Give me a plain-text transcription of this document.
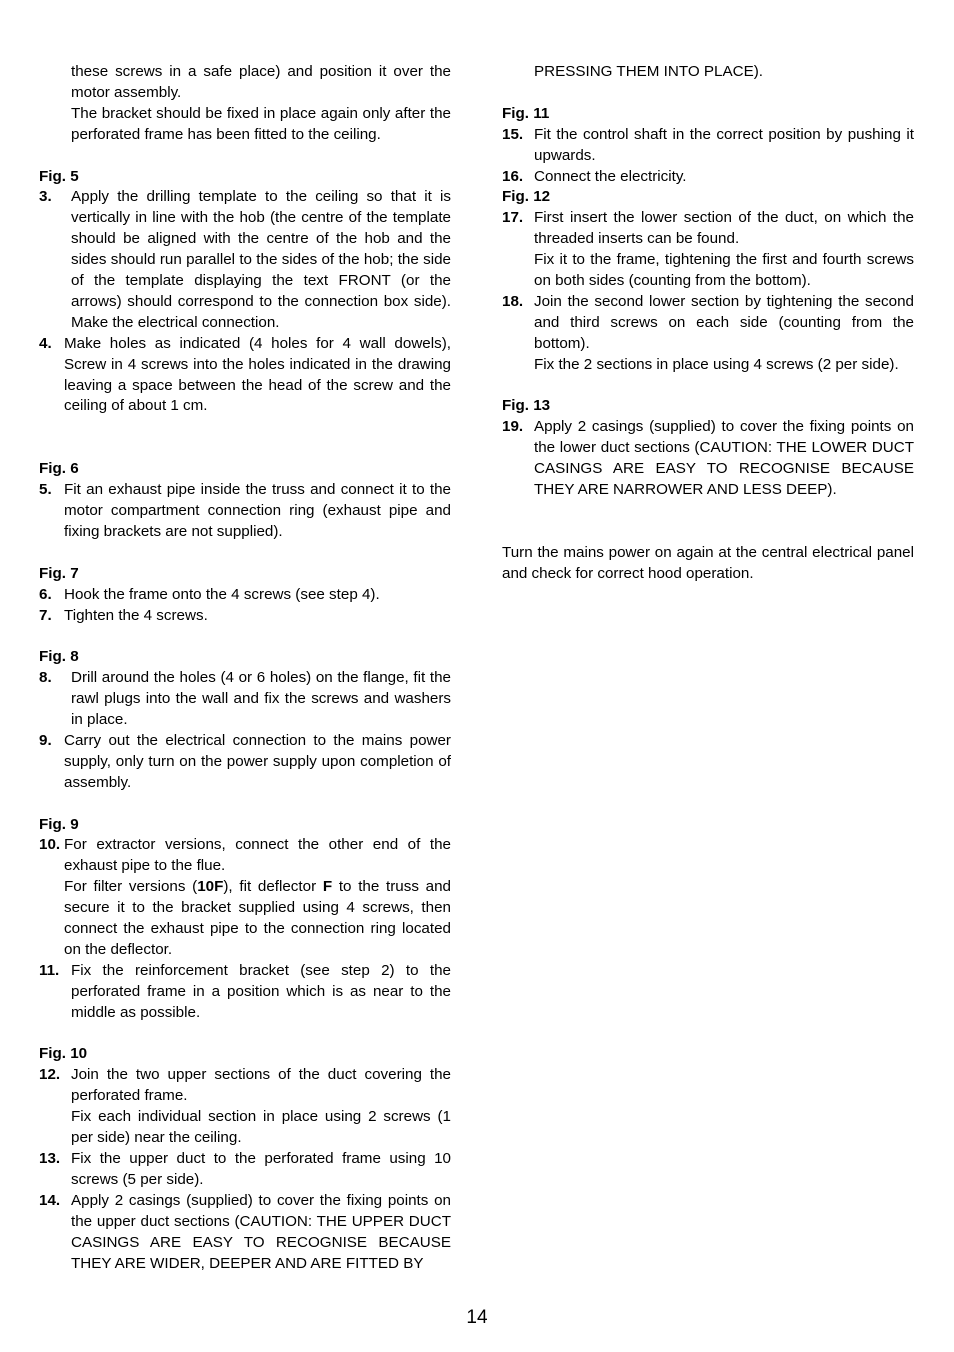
these screws in a safe place) and position it over the motor assembly.

The bracket should be fixed in place again only after the perforated frame has been fitted to the ceiling.

Fig. 5

3. Apply the drilling template to the ceiling so that it is vertically in line with the hob (the centre of the template should be aligned with the centre of the hob and the sides should run parallel to the sides of the hob; the side of the template displaying the text FRONT (or the arrows) should correspond to the connection box side). Make the electrical connection.
4. Make holes as indicated (4 holes for 4 wall dowels), Screw in 4 screws into the holes indicated in the drawing leaving a space between the head of the screw and the ceiling of about 1 cm.

Fig. 6

5. Fit an exhaust pipe inside the truss and connect it to the motor compartment connection ring (exhaust pipe and fixing brackets are not supplied).

Fig. 7

6. Hook the frame onto the 4 screws (see step 4).
7. Tighten the 4 screws.

Fig. 8

8. Drill around the holes (4 or 6 holes) on the flange, fit the rawl plugs into the wall and fix the screws and washers in place.
9. Carry out the electrical connection to the mains power supply, only turn on the power supply upon completion of assembly.

Fig. 9

10. For extractor versions, connect the other end of the exhaust pipe to the flue.

For filter versions (10F), fit deflector F to the truss and secure it to the bracket supplied using 4 screws, then connect the exhaust pipe to the connection ring located on the deflector.

11. Fix the reinforcement bracket (see step 2) to the perforated frame in a position which is as near to the middle as possible.

Fig. 10

12. Join the two upper sections of the duct covering the perforated frame.

Fix each individual section in place using 2 screws (1 per side) near the ceiling.

13. Fix the upper duct to the perforated frame using 10 screws (5 per side).
14. Apply 2 casings (supplied) to cover the fixing points on the upper duct sections (CAUTION: THE UPPER DUCT CASINGS ARE EASY TO RECOGNISE BECAUSE THEY ARE WIDER, DEEPER AND ARE FITTED BY

PRESSING THEM INTO PLACE).

Fig. 11

15. Fit the control shaft in the correct position by pushing it upwards.
16. Connect the electricity.

Fig. 12

17. First insert the lower section of the duct, on which the threaded inserts can be found.

Fix it to the frame, tightening the first and fourth screws on both sides (counting from the bottom).

18. Join the second lower section by tightening the second and third screws on each side (counting from the bottom).

Fix the 2 sections in place using 4 screws (2 per side).

Fig. 13

19. Apply 2 casings (supplied) to cover the fixing points on the lower duct sections (CAUTION: THE LOWER DUCT CASINGS ARE EASY TO RECOGNISE BECAUSE THEY ARE NARROWER AND LESS DEEP).

Turn the mains power on again at the central electrical panel and check for correct hood operation.

14
